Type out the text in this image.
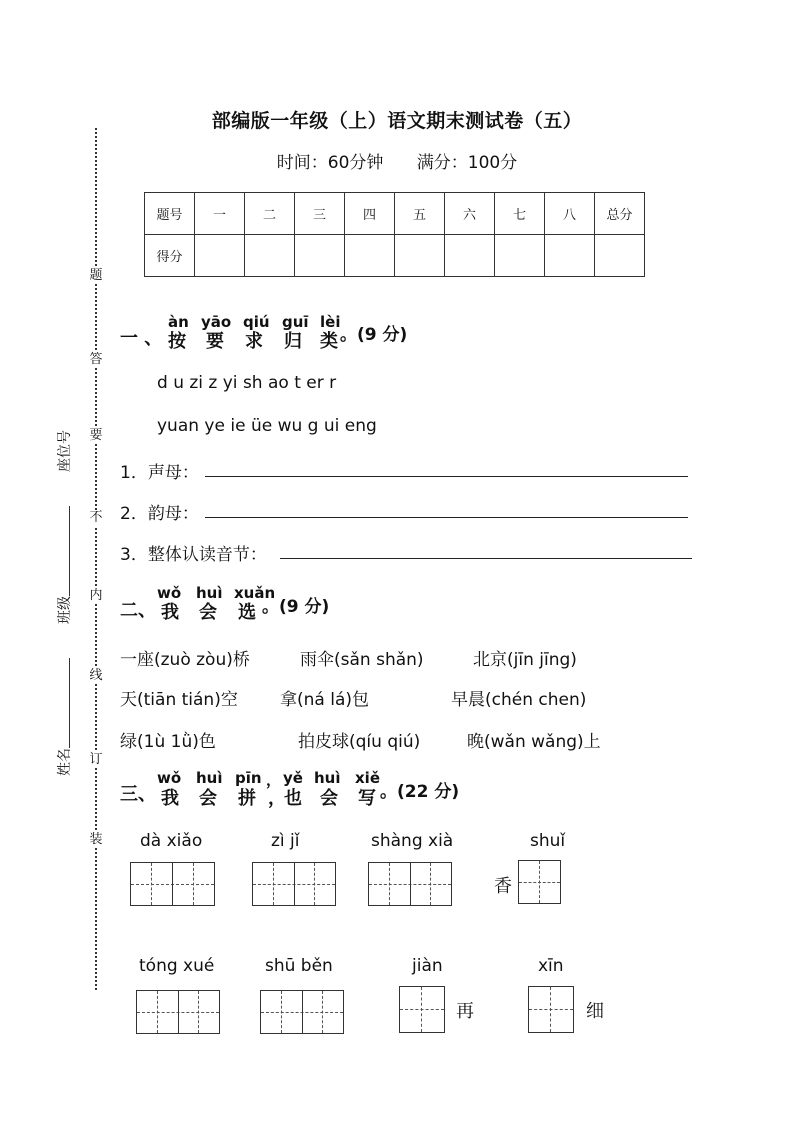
部编版一年级（上）语文期末测试卷（五）
时间：60分钟 满分：100分
题
答
要
不
内
线
订
装
座位号
班级
姓名
题号	一	二	三	四	五	六	七	八	总分
得分									
一 、
àn yāo qiú guī lèi
按 要 求 归 类 。(9 分)
d u zi z yi sh ao t er r
yuan ye ie üe wu g ui eng
1．声母：
2．韵母：
3．整体认读音节：
二、
wǒ huì xuǎn
我 会 选 。(9 分)
一座(zuò zòu)桥	雨伞(sǎn shǎn)	北京(jīn jīng)
天(tiān tián)空 拿(ná lá)包	早晨(chén chen)
绿(1ù 1ǜ)色	拍皮球(qíu qiú)	晚(wǎn wǎng)上
三、
wǒ huì pīn ， yě huì xiě
我 会 拼 ，
也 会 写 。(22 分)
dà xiǎo	zì jǐ	shàng xià	shuǐ
香
tóng xué	shū běn	jiàn
再
xīn
细
